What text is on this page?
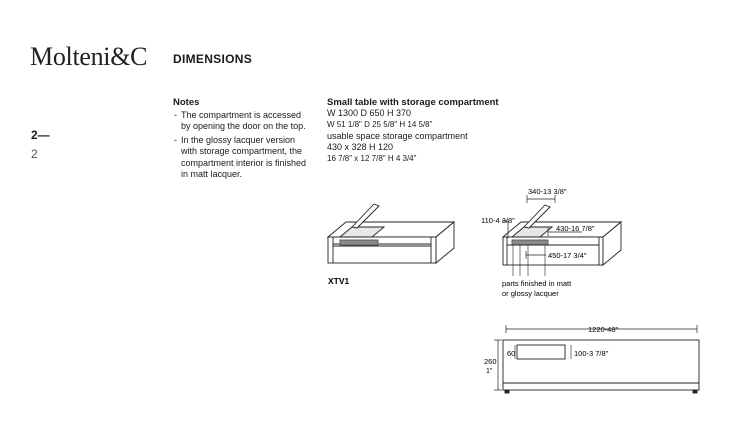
Molteni&C DIMENSIONS
2—
2
Notes
- The compartment is accessed by opening the door on the top.
- In the glossy lacquer version with storage compartment, the compartment interior is finished in matt lacquer.
Small table with storage compartment
W 1300 D 650 H 370
W 51 1/8" D 25 5/8" H 14 5/8"
usable space storage compartment
430 x 328 H 120
16 7/8" x 12 7/8" H 4 3/4"
XTV1
340-13 3/8"
110-4 3/8"
430-16 7/8"
450-17 3/4"
parts finished in matt
or glossy lacquer
1220-48"
260
1"
60	100-3 7/8"
